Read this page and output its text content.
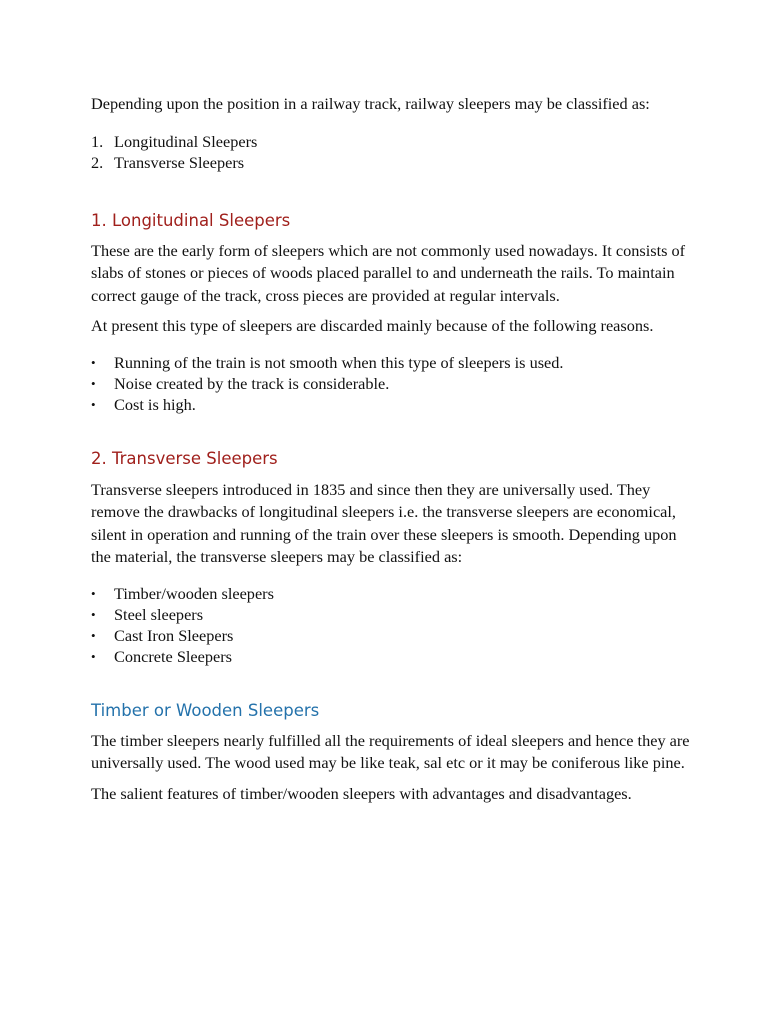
Depending upon the position in a railway track, railway sleepers may be classified as:

1. Longitudinal Sleepers
2. Transverse Sleepers
1. Longitudinal Sleepers

These are the early form of sleepers which are not commonly used nowadays. It consists of slabs of stones or pieces of woods placed parallel to and underneath the rails. To maintain correct gauge of the track, cross pieces are provided at regular intervals.

At present this type of sleepers are discarded mainly because of the following reasons.

•	Running of the train is not smooth when this type of sleepers is used.
•	Noise created by the track is considerable.
•	Cost is high.
2. Transverse Sleepers

Transverse sleepers introduced in 1835 and since then they are universally used. They remove the drawbacks of longitudinal sleepers i.e. the transverse sleepers are economical, silent in operation and running of the train over these sleepers is smooth. Depending upon the material, the transverse sleepers may be classified as:

•	Timber/wooden sleepers
•	Steel sleepers
•	Cast Iron Sleepers
•	Concrete Sleepers
Timber or Wooden Sleepers

The timber sleepers nearly fulfilled all the requirements of ideal sleepers and hence they are universally used. The wood used may be like teak, sal etc or it may be coniferous like pine.

The salient features of timber/wooden sleepers with advantages and disadvantages.
